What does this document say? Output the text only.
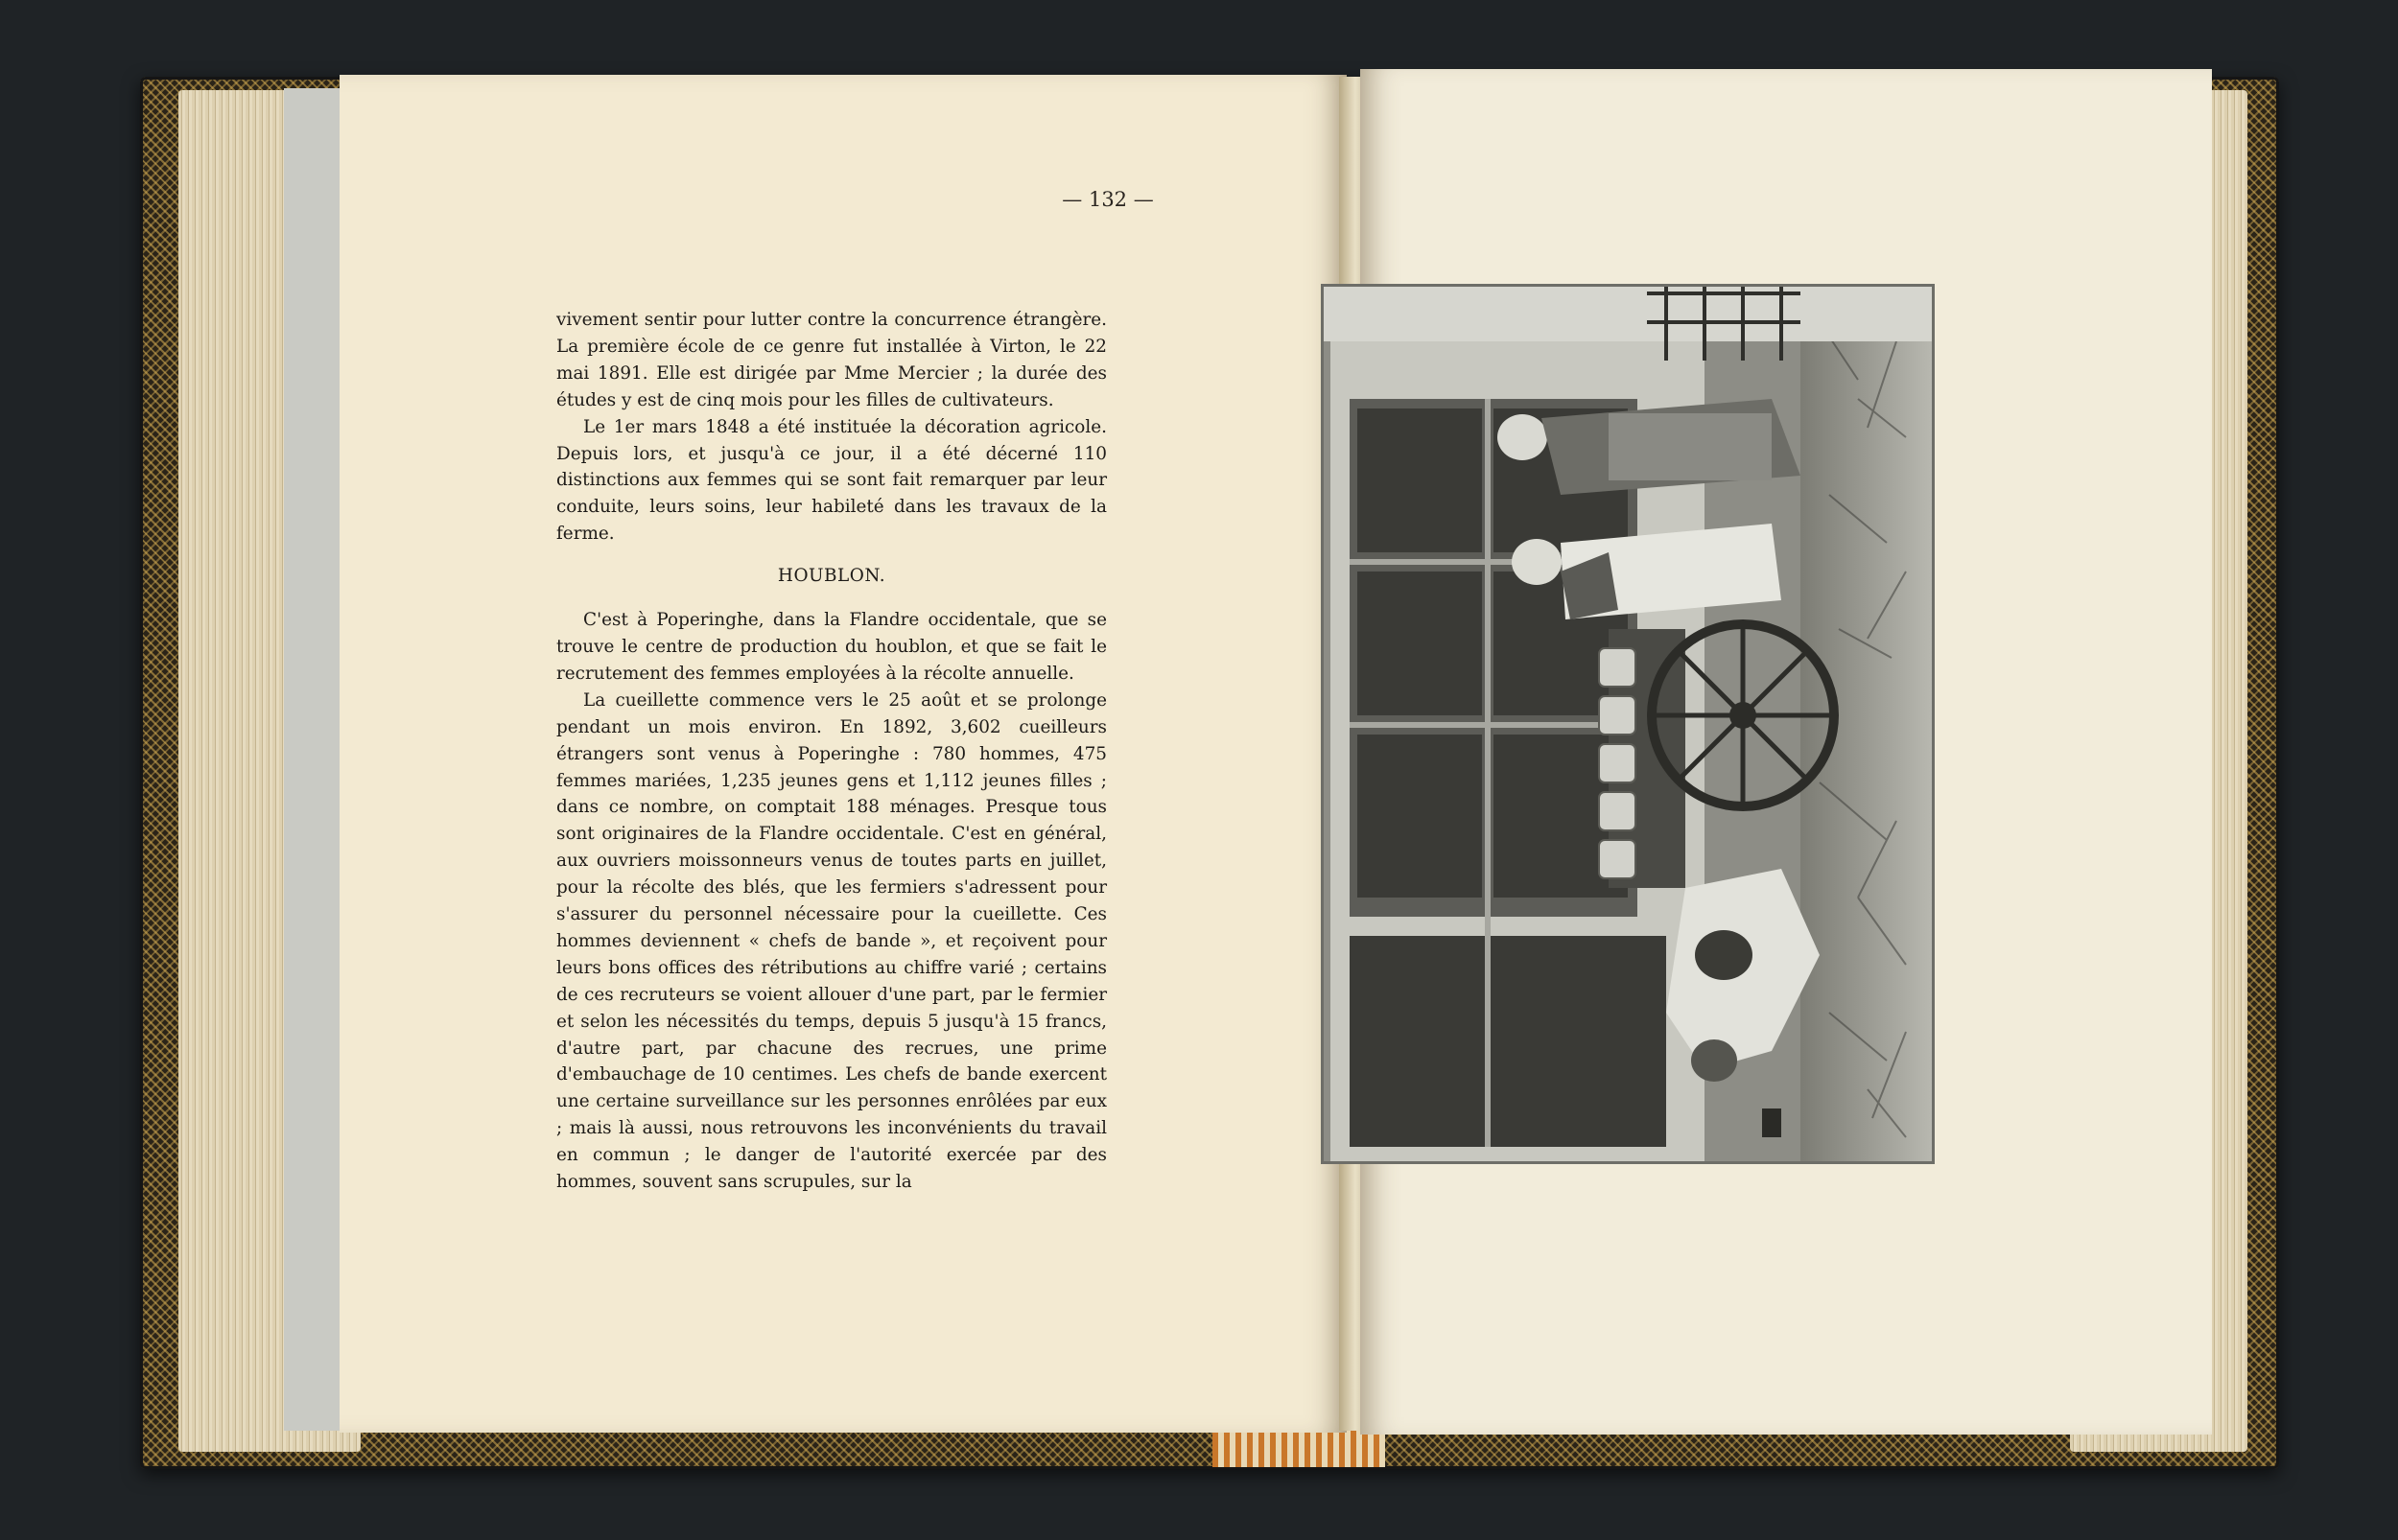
— 132 —

vivement sentir pour lutter contre la concurrence étrangère. La première école de ce genre fut installée à Virton, le 22 mai 1891. Elle est dirigée par Mme Mercier ; la durée des études y est de cinq mois pour les filles de cultivateurs.

Le 1er mars 1848 a été instituée la décoration agricole. Depuis lors, et jusqu'à ce jour, il a été décerné 110 distinctions aux femmes qui se sont fait remarquer par leur conduite, leurs soins, leur habileté dans les travaux de la ferme.

HOUBLON.

C'est à Poperinghe, dans la Flandre occidentale, que se trouve le centre de production du houblon, et que se fait le recrutement des femmes employées à la récolte annuelle.

La cueillette commence vers le 25 août et se prolonge pendant un mois environ. En 1892, 3,602 cueilleurs étrangers sont venus à Poperinghe : 780 hommes, 475 femmes mariées, 1,235 jeunes gens et 1,112 jeunes filles ; dans ce nombre, on comptait 188 ménages. Presque tous sont originaires de la Flandre occidentale. C'est en général, aux ouvriers moissonneurs venus de toutes parts en juillet, pour la récolte des blés, que les fermiers s'adressent pour s'assurer du personnel nécessaire pour la cueillette. Ces hommes deviennent « chefs de bande », et reçoivent pour leurs bons offices des rétributions au chiffre varié ; certains de ces recruteurs se voient allouer d'une part, par le fermier et selon les nécessités du temps, depuis 5 jusqu'à 15 francs, d'autre part, par chacune des recrues, une prime d'embauchage de 10 centimes. Les chefs de bande exercent une certaine surveillance sur les personnes enrôlées par eux ; mais là aussi, nous retrouvons les inconvénients du travail en commun ; le danger de l'autorité exercée par des hommes, souvent sans scrupules, sur la
